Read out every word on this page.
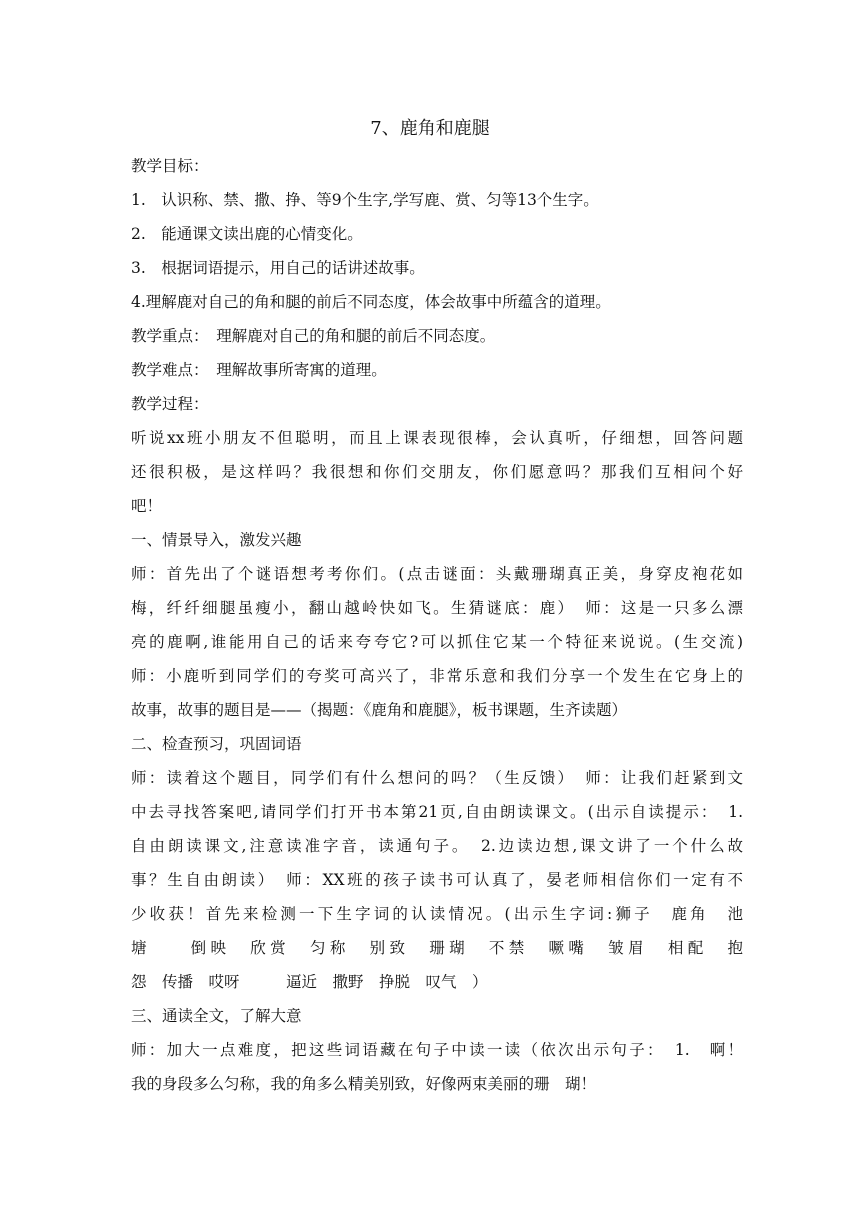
7、鹿角和鹿腿
教学目标：
1.　认识称、禁、撒、挣、等9个生字,学写鹿、赏、匀等13个生字。
2.　能通课文读出鹿的心情变化。
3.　根据词语提示，用自己的话讲述故事。
4.理解鹿对自己的角和腿的前后不同态度，体会故事中所蕴含的道理。
教学重点：　理解鹿对自己的角和腿的前后不同态度。
教学难点：　理解故事所寄寓的道理。
教学过程：
听说xx班小朋友不但聪明，而且上课表现很棒，会认真听，仔细想，回答问题
还很积极，是这样吗？我很想和你们交朋友，你们愿意吗？那我们互相问个好
吧！
一、情景导入，激发兴趣
师：首先出了个谜语想考考你们。(点击谜面：头戴珊瑚真正美，身穿皮袍花如
梅，纤纤细腿虽瘦小，翻山越岭快如飞。生猜谜底：鹿）　师：这是一只多么漂
亮的鹿啊,谁能用自己的话来夸夸它?可以抓住它某一个特征来说说。(生交流)
师：小鹿听到同学们的夸奖可高兴了，非常乐意和我们分享一个发生在它身上的
故事，故事的题目是——（揭题：《鹿角和鹿腿》，板书课题，生齐读题）
二、检查预习，巩固词语
师：读着这个题目，同学们有什么想问的吗？（生反馈）　师：让我们赶紧到文
中去寻找答案吧,请同学们打开书本第21页,自由朗读课文。(出示自读提示：　1.
自由朗读课文,注意读准字音，读通句子。　2.边读边想,课文讲了一个什么故
事？生自由朗读）　师：XX班的孩子读书可认真了，晏老师相信你们一定有不
少收获！首先来检测一下生字词的认读情况。(出示生字词:狮子　鹿角　池
塘　　倒映　欣赏　匀称　别致　珊瑚　不禁　噘嘴　皱眉　相配　抱
怨　传播　哎呀　　　逼近　撒野　挣脱　叹气　）
三、通读全文，了解大意
师：加大一点难度，把这些词语藏在句子中读一读（依次出示句子：　1.　啊！
我的身段多么匀称，我的角多么精美别致，好像两束美丽的珊　瑚！
